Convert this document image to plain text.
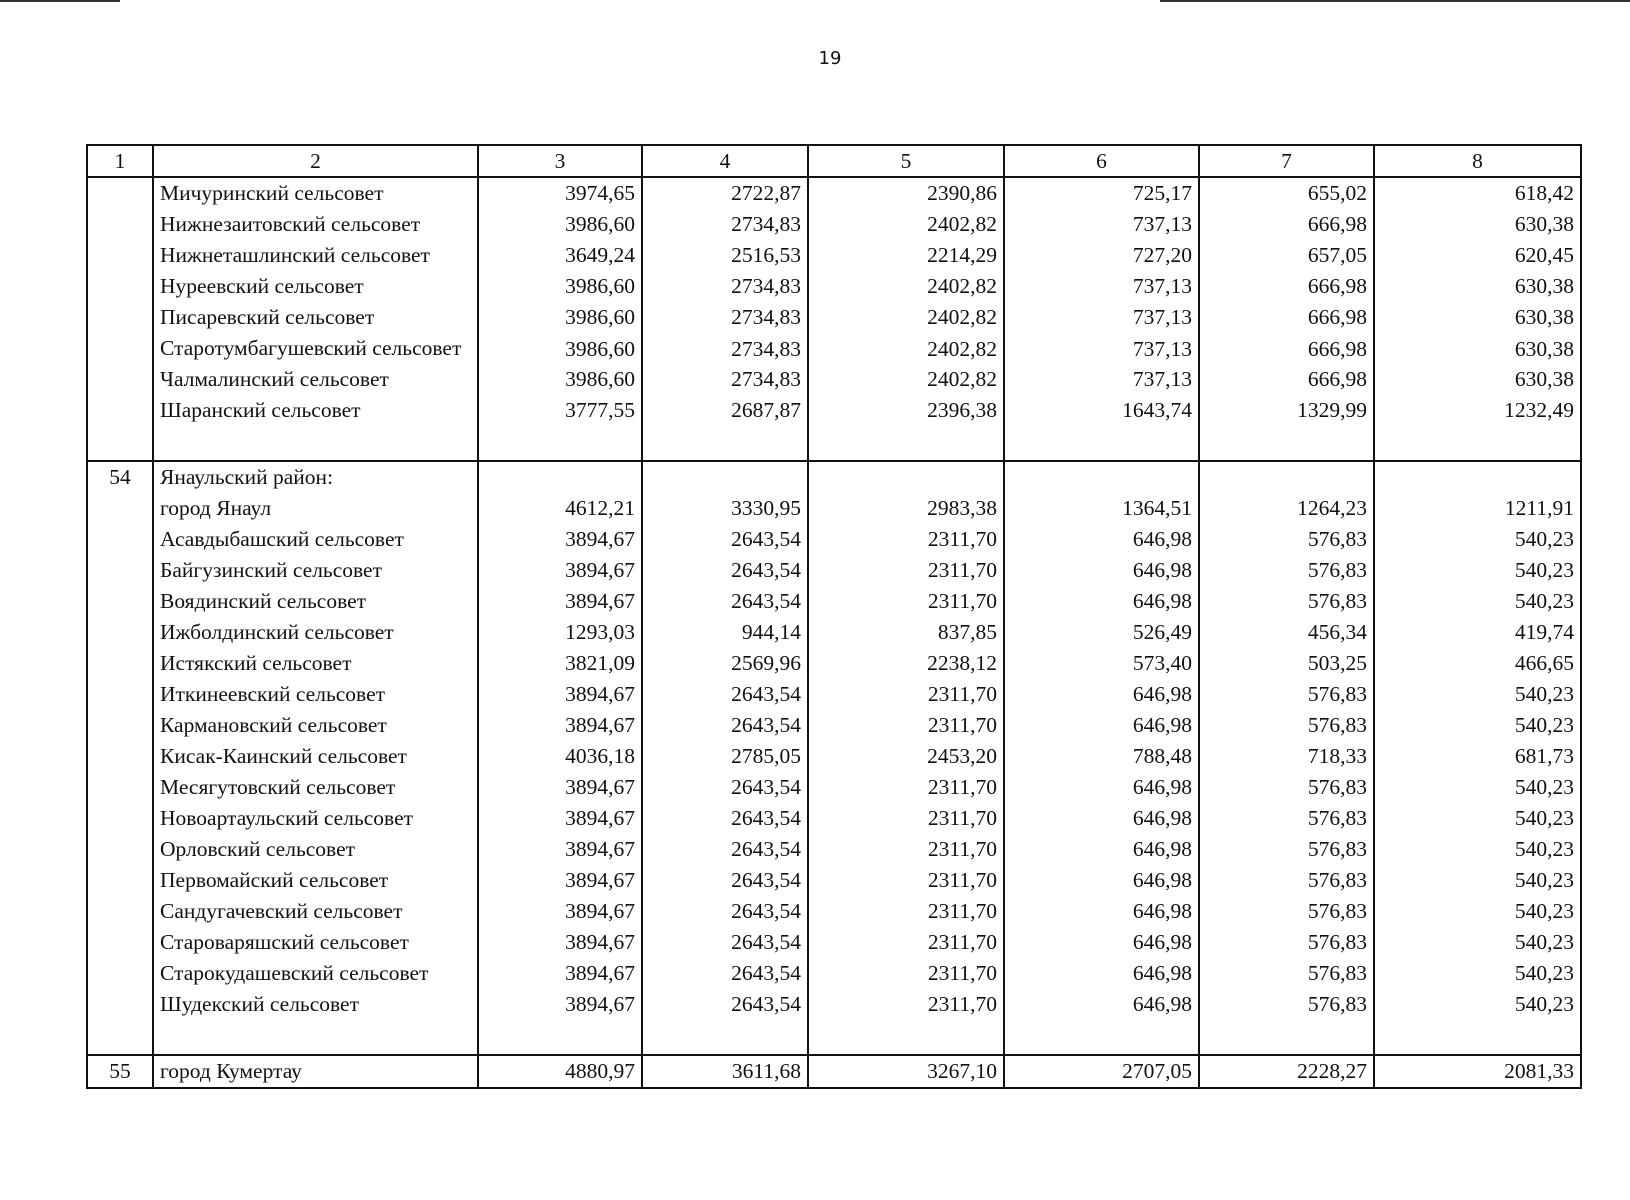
19
1	2	3	4	5	6	7	8
	Мичуринский сельсовет	3974,65	2722,87	2390,86	725,17	655,02	618,42
	Нижнезаитовский сельсовет	3986,60	2734,83	2402,82	737,13	666,98	630,38
	Нижнеташлинский сельсовет	3649,24	2516,53	2214,29	727,20	657,05	620,45
	Нуреевский сельсовет	3986,60	2734,83	2402,82	737,13	666,98	630,38
	Писаревский сельсовет	3986,60	2734,83	2402,82	737,13	666,98	630,38
	Старотумбагушевский сельсовет	3986,60	2734,83	2402,82	737,13	666,98	630,38
	Чалмалинский сельсовет	3986,60	2734,83	2402,82	737,13	666,98	630,38
	Шаранский сельсовет	3777,55	2687,87	2396,38	1643,74	1329,99	1232,49

54	Янаульский район:						
	город Янаул	4612,21	3330,95	2983,38	1364,51	1264,23	1211,91
	Асавдыбашский сельсовет	3894,67	2643,54	2311,70	646,98	576,83	540,23
	Байгузинский сельсовет	3894,67	2643,54	2311,70	646,98	576,83	540,23
	Воядинский сельсовет	3894,67	2643,54	2311,70	646,98	576,83	540,23
	Ижболдинский сельсовет	1293,03	944,14	837,85	526,49	456,34	419,74
	Истякский сельсовет	3821,09	2569,96	2238,12	573,40	503,25	466,65
	Иткинеевский сельсовет	3894,67	2643,54	2311,70	646,98	576,83	540,23
	Кармановский сельсовет	3894,67	2643,54	2311,70	646,98	576,83	540,23
	Кисак-Каинский сельсовет	4036,18	2785,05	2453,20	788,48	718,33	681,73
	Месягутовский сельсовет	3894,67	2643,54	2311,70	646,98	576,83	540,23
	Новоартаульский сельсовет	3894,67	2643,54	2311,70	646,98	576,83	540,23
	Орловский сельсовет	3894,67	2643,54	2311,70	646,98	576,83	540,23
	Первомайский сельсовет	3894,67	2643,54	2311,70	646,98	576,83	540,23
	Сандугачевский сельсовет	3894,67	2643,54	2311,70	646,98	576,83	540,23
	Староваряшский сельсовет	3894,67	2643,54	2311,70	646,98	576,83	540,23
	Старокудашевский сельсовет	3894,67	2643,54	2311,70	646,98	576,83	540,23
	Шудекский сельсовет	3894,67	2643,54	2311,70	646,98	576,83	540,23

55	город Кумертау	4880,97	3611,68	3267,10	2707,05	2228,27	2081,33
